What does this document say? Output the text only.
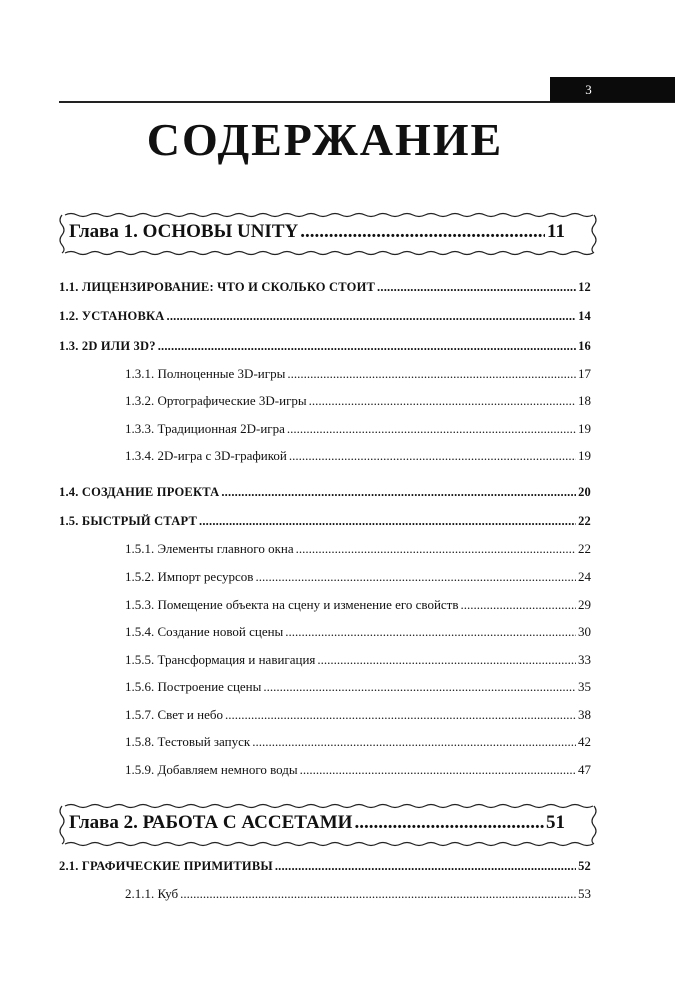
3
СОДЕРЖАНИЕ
Глава 1. ОСНОВЫ UNITY .....	11
1.1. ЛИЦЕНЗИРОВАНИЕ: ЧТО И СКОЛЬКО СТОИТ .....	12
1.2. УСТАНОВКА .....	14
1.3. 2D ИЛИ 3D? .....	16
1.3.1. Полноценные 3D-игры .....	17
1.3.2. Ортографические 3D-игры .....	18
1.3.3. Традиционная 2D-игра .....	19
1.3.4. 2D-игра с 3D-графикой .....	19
1.4. СОЗДАНИЕ ПРОЕКТА .....	20
1.5. БЫСТРЫЙ СТАРТ .....	22
1.5.1. Элементы главного окна .....	22
1.5.2. Импорт ресурсов .....	24
1.5.3. Помещение объекта на сцену и изменение его свойств .....	29
1.5.4. Создание новой сцены .....	30
1.5.5. Трансформация и навигация .....	33
1.5.6. Построение сцены .....	35
1.5.7. Свет и небо .....	38
1.5.8. Тестовый запуск .....	42
1.5.9. Добавляем немного воды .....	47
Глава 2. РАБОТА С АССЕТАМИ .....	51
2.1. ГРАФИЧЕСКИЕ ПРИМИТИВЫ .....	52
2.1.1. Куб .....	53
